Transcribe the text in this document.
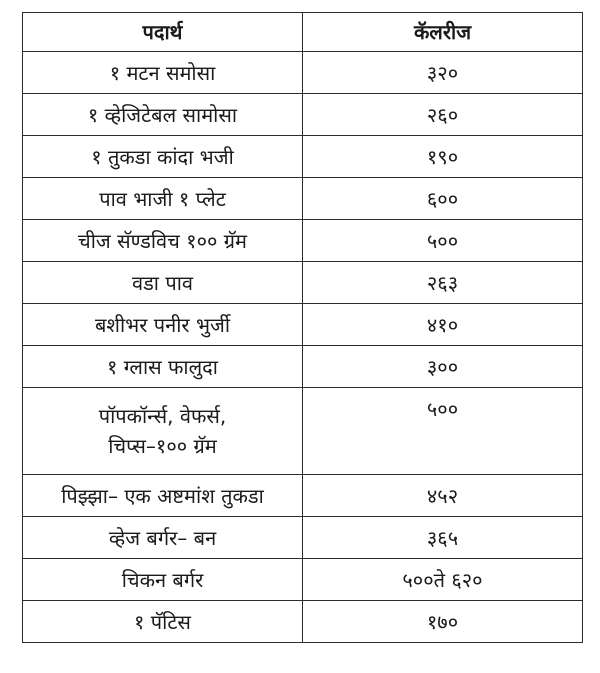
पदार्थ	कॅलरीज
१ मटन समोसा	३२०
१ व्हेजिटेबल सामोसा	२६०
१ तुकडा कांदा भजी	१९०
पाव भाजी १ प्लेट	६००
चीज सॅण्डविच १०० ग्रॅम	५००
वडा पाव	२६३
बशीभर पनीर भुर्जी	४१०
१ ग्लास फालुदा	३००

पॉपकॉर्न्स, वेफर्स,
चिप्स–१०० ग्रॅम	५००
पिझ्झा– एक अष्टमांश तुकडा	४५२
व्हेज बर्गर– बन	३६५
चिकन बर्गर	५००ते ६२०
१ पॅटिस	१७०
